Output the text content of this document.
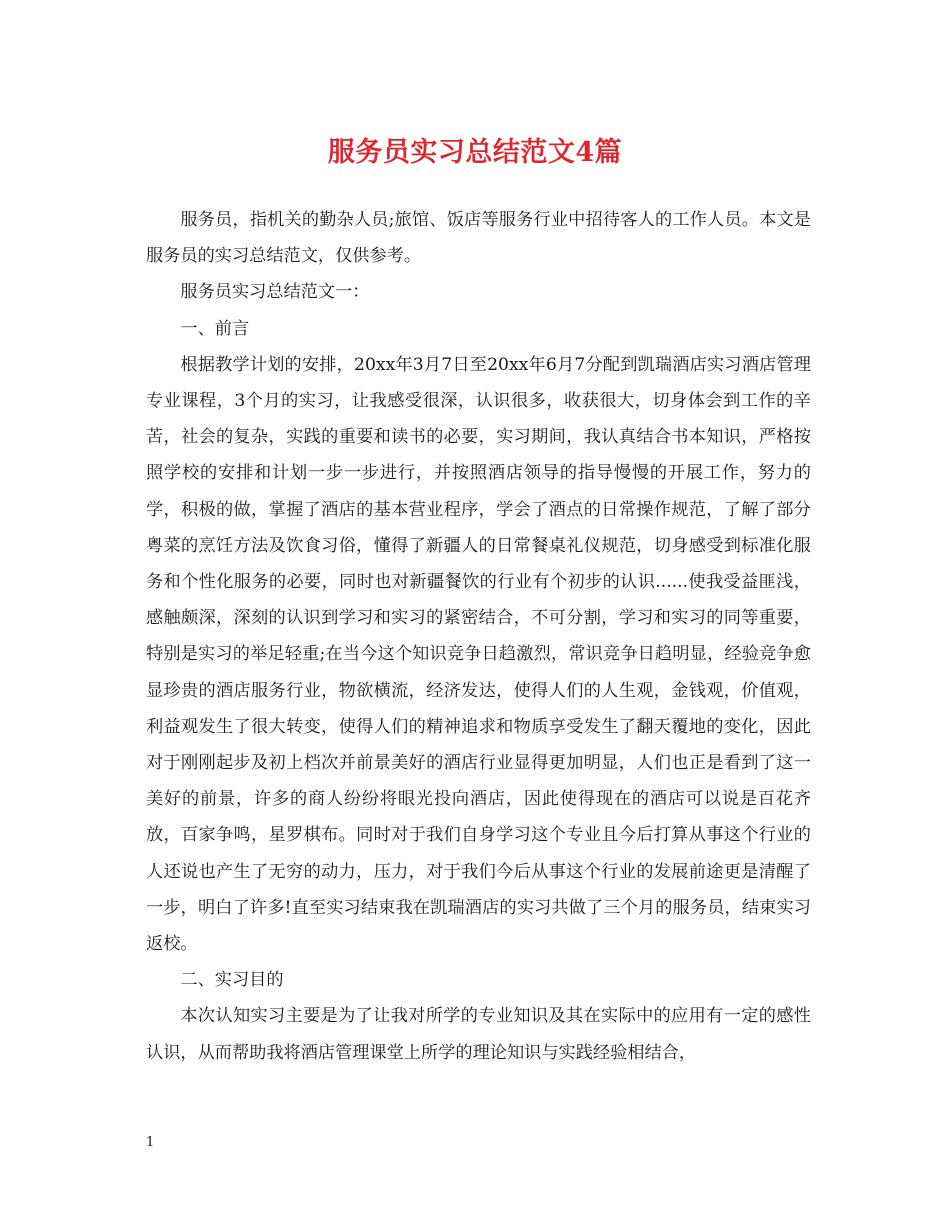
服务员实习总结范文4篇

服务员，指机关的勤杂人员;旅馆、饭店等服务行业中招待客人的工作人员。本文是服务员的实习总结范文，仅供参考。

服务员实习总结范文一：

一、前言

根据教学计划的安排，20xx年3月7日至20xx年6月7分配到凯瑞酒店实习酒店管理专业课程，3个月的实习，让我感受很深，认识很多，收获很大，切身体会到工作的辛苦，社会的复杂，实践的重要和读书的必要，实习期间，我认真结合书本知识，严格按照学校的安排和计划一步一步进行，并按照酒店领导的指导慢慢的开展工作，努力的学，积极的做，掌握了酒店的基本营业程序，学会了酒点的日常操作规范，了解了部分粤菜的烹饪方法及饮食习俗，懂得了新疆人的日常餐桌礼仪规范，切身感受到标准化服务和个性化服务的必要，同时也对新疆餐饮的行业有个初步的认识......使我受益匪浅，感触颇深，深刻的认识到学习和实习的紧密结合，不可分割，学习和实习的同等重要，特别是实习的举足轻重;在当今这个知识竞争日趋激烈，常识竞争日趋明显，经验竞争愈显珍贵的酒店服务行业，物欲横流，经济发达，使得人们的人生观，金钱观，价值观，利益观发生了很大转变，使得人们的精神追求和物质享受发生了翻天覆地的变化，因此对于刚刚起步及初上档次并前景美好的酒店行业显得更加明显，人们也正是看到了这一美好的前景，许多的商人纷纷将眼光投向酒店，因此使得现在的酒店可以说是百花齐放，百家争鸣，星罗棋布。同时对于我们自身学习这个专业且今后打算从事这个行业的人还说也产生了无穷的动力，压力，对于我们今后从事这个行业的发展前途更是清醒了一步，明白了许多!直至实习结束我在凯瑞酒店的实习共做了三个月的服务员，结束实习返校。

二、实习目的

本次认知实习主要是为了让我对所学的专业知识及其在实际中的应用有一定的感性认识，从而帮助我将酒店管理课堂上所学的理论知识与实践经验相结合，

1
